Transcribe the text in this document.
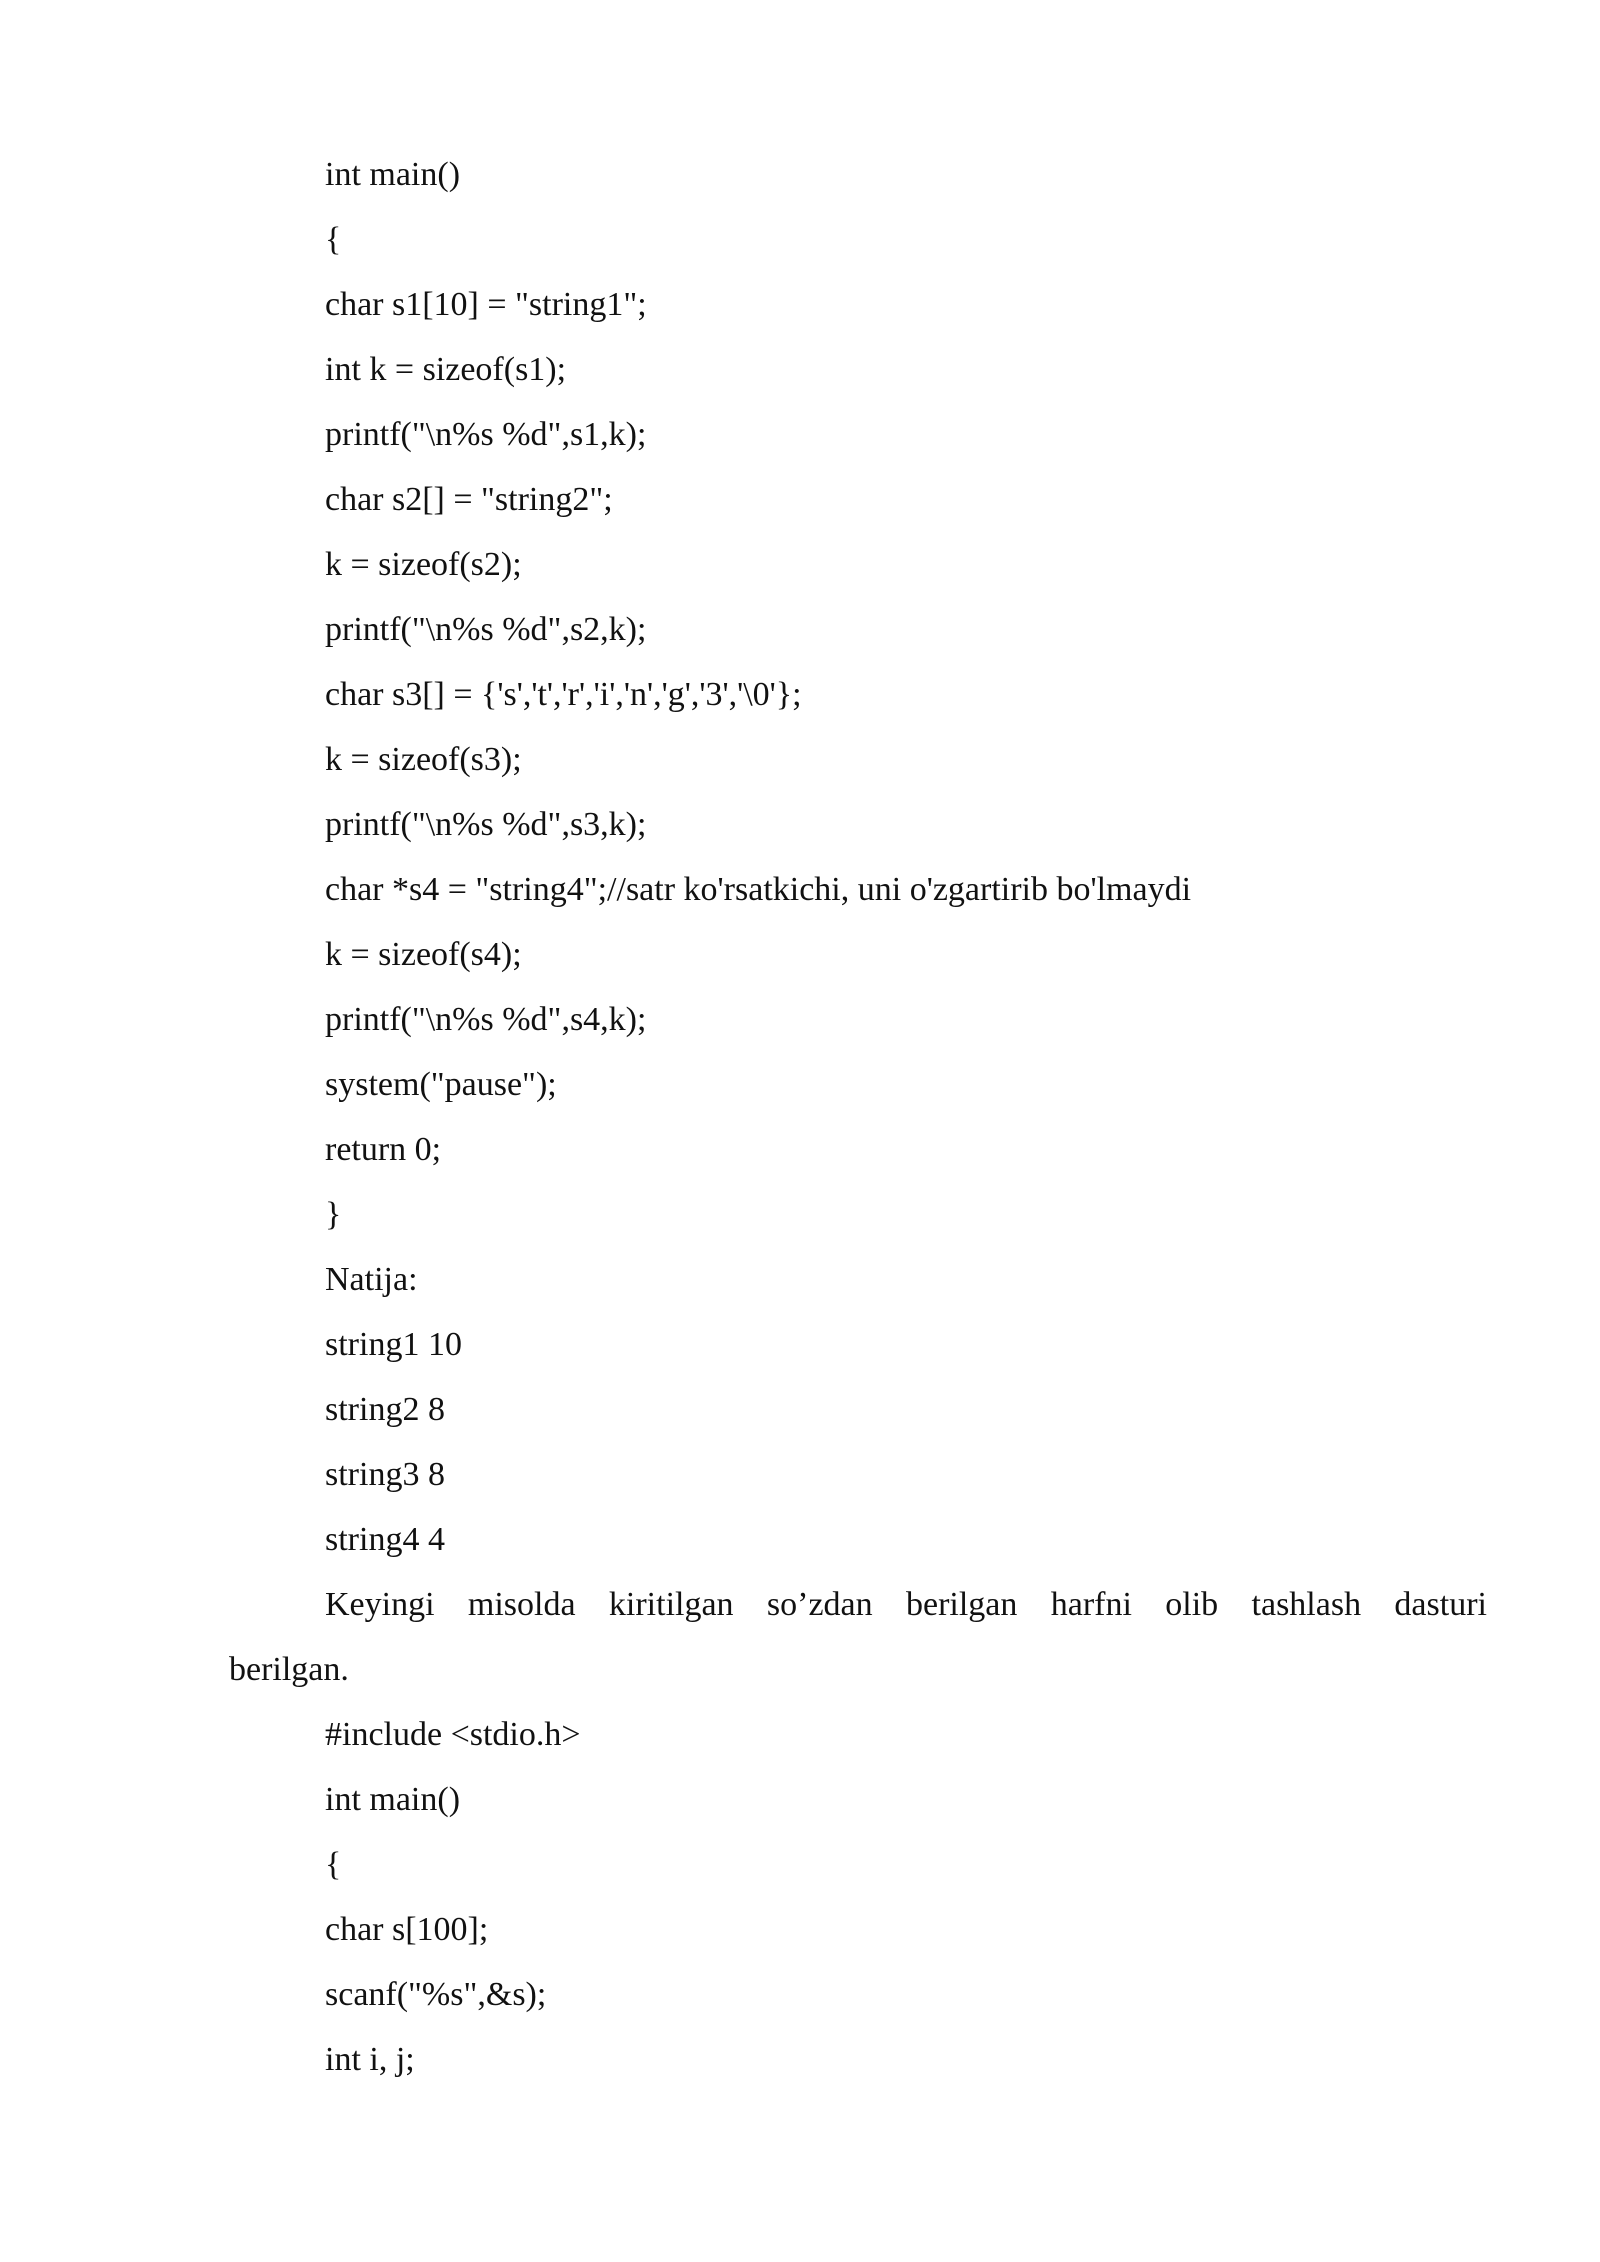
int main()
{
char s1[10] = "string1";
int k = sizeof(s1);
printf("\n%s %d",s1,k);
char s2[] = "string2";
k = sizeof(s2);
printf("\n%s %d",s2,k);
char s3[] = {'s','t','r','i','n','g','3','\0'};
k = sizeof(s3);
printf("\n%s %d",s3,k);
char *s4 = "string4";//satr ko'rsatkichi, uni o'zgartirib bo'lmaydi
k = sizeof(s4);
printf("\n%s %d",s4,k);
system("pause");
return 0;
}
Natija:
string1 10
string2 8
string3 8
string4 4
Keyingi misolda kiritilgan so’zdan berilgan harfni olib tashlash dasturi
berilgan.
#include <stdio.h>
int main()
{
char s[100];
scanf("%s",&s);
int i, j;
